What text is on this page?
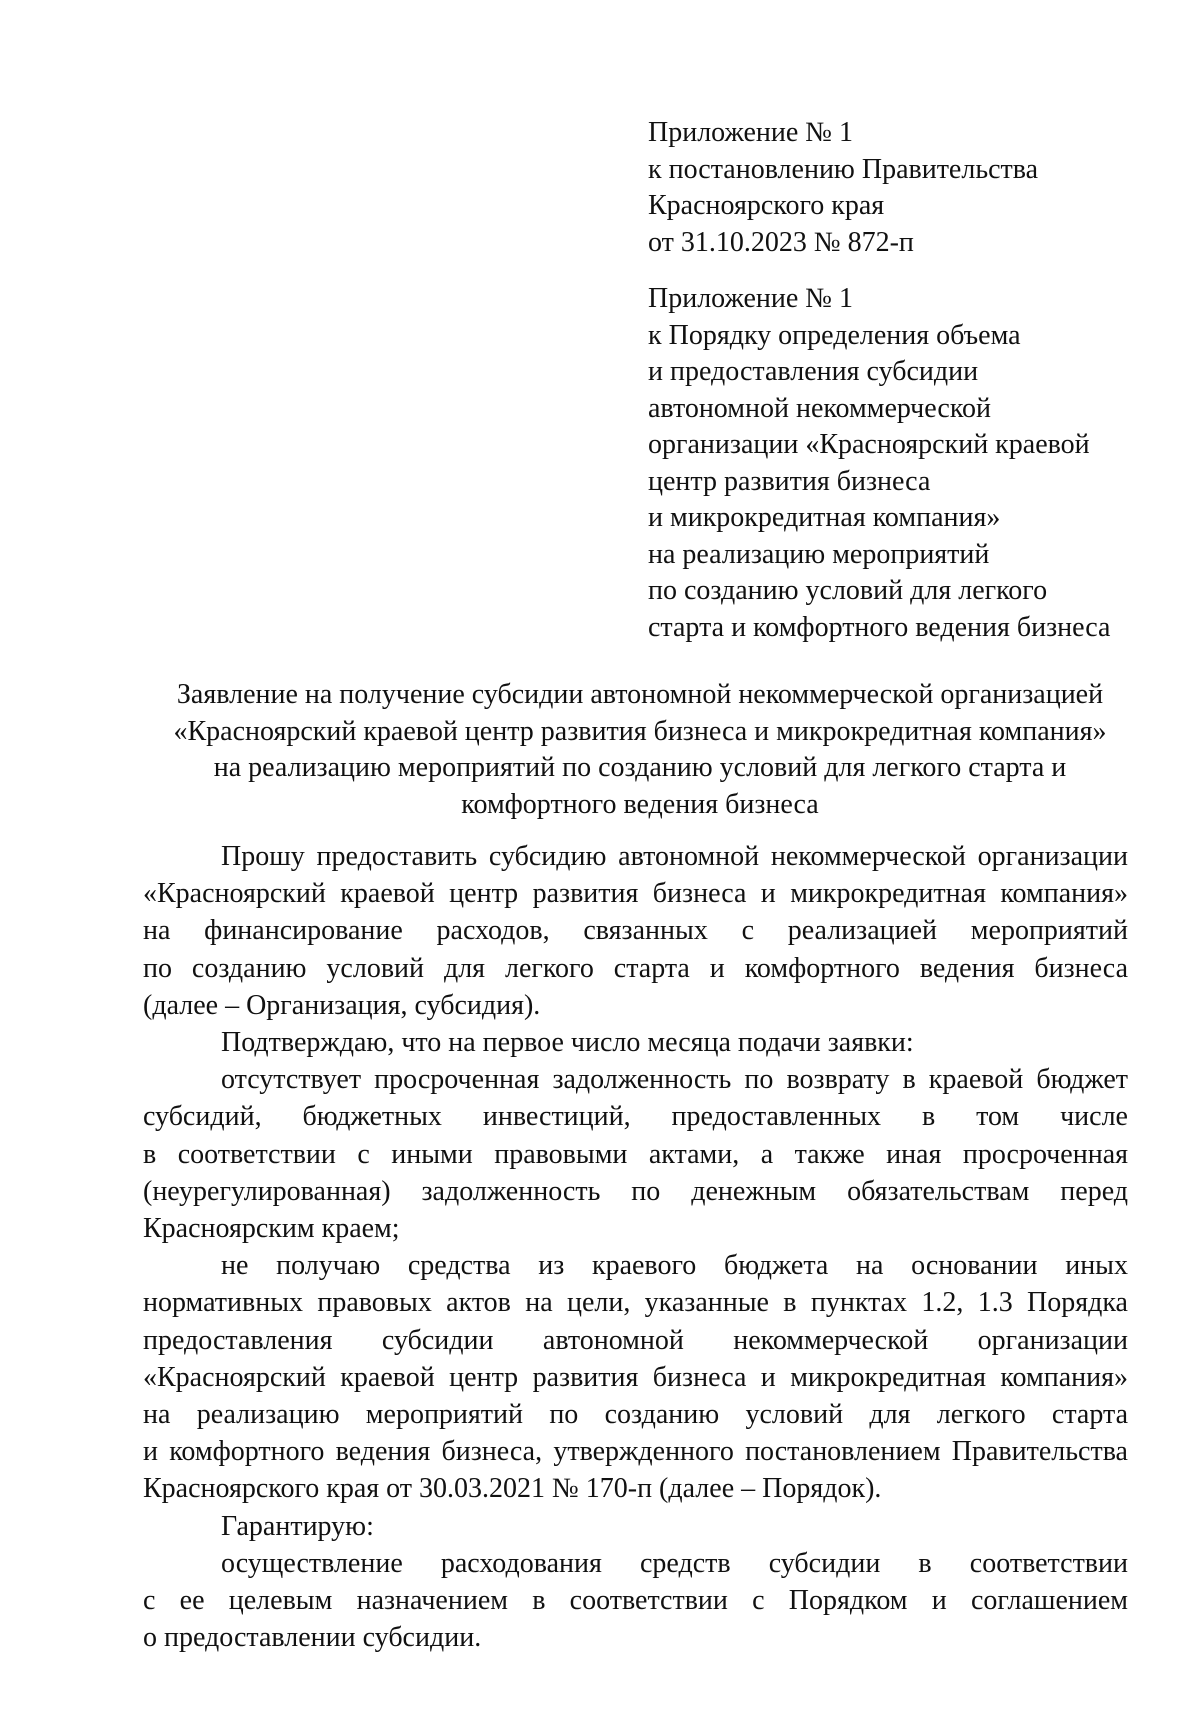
Приложение № 1
к постановлению Правительства
Красноярского края
от 31.10.2023 № 872-п
Приложение № 1
к Порядку определения объема
и предоставления субсидии
автономной некоммерческой
организации «Красноярский краевой
центр развития бизнеса
и микрокредитная компания»
на реализацию мероприятий
по созданию условий для легкого
старта и комфортного ведения бизнеса
Заявление на получение субсидии автономной некоммерческой организацией
«Красноярский краевой центр развития бизнеса и микрокредитная компания»
на реализацию мероприятий по созданию условий для легкого старта и
комфортного ведения бизнеса

Прошу предоставить субсидию автономной некоммерческой организации

«Красноярский краевой центр развития бизнеса и микрокредитная компания»

на финансирование расходов, связанных с реализацией мероприятий

по созданию условий для легкого старта и комфортного ведения бизнеса

(далее – Организация, субсидия).

Подтверждаю, что на первое число месяца подачи заявки:

отсутствует просроченная задолженность по возврату в краевой бюджет

субсидий, бюджетных инвестиций, предоставленных в том числе

в соответствии с иными правовыми актами, а также иная просроченная

(неурегулированная) задолженность по денежным обязательствам перед

Красноярским краем;

не получаю средства из краевого бюджета на основании иных

нормативных правовых актов на цели, указанные в пунктах 1.2, 1.3 Порядка

предоставления субсидии автономной некоммерческой организации

«Красноярский краевой центр развития бизнеса и микрокредитная компания»

на реализацию мероприятий по созданию условий для легкого старта

и комфортного ведения бизнеса, утвержденного постановлением Правительства

Красноярского края от 30.03.2021 № 170-п (далее – Порядок).

Гарантирую:

осуществление расходования средств субсидии в соответствии

с ее целевым назначением в соответствии с Порядком и соглашением

о предоставлении субсидии.
